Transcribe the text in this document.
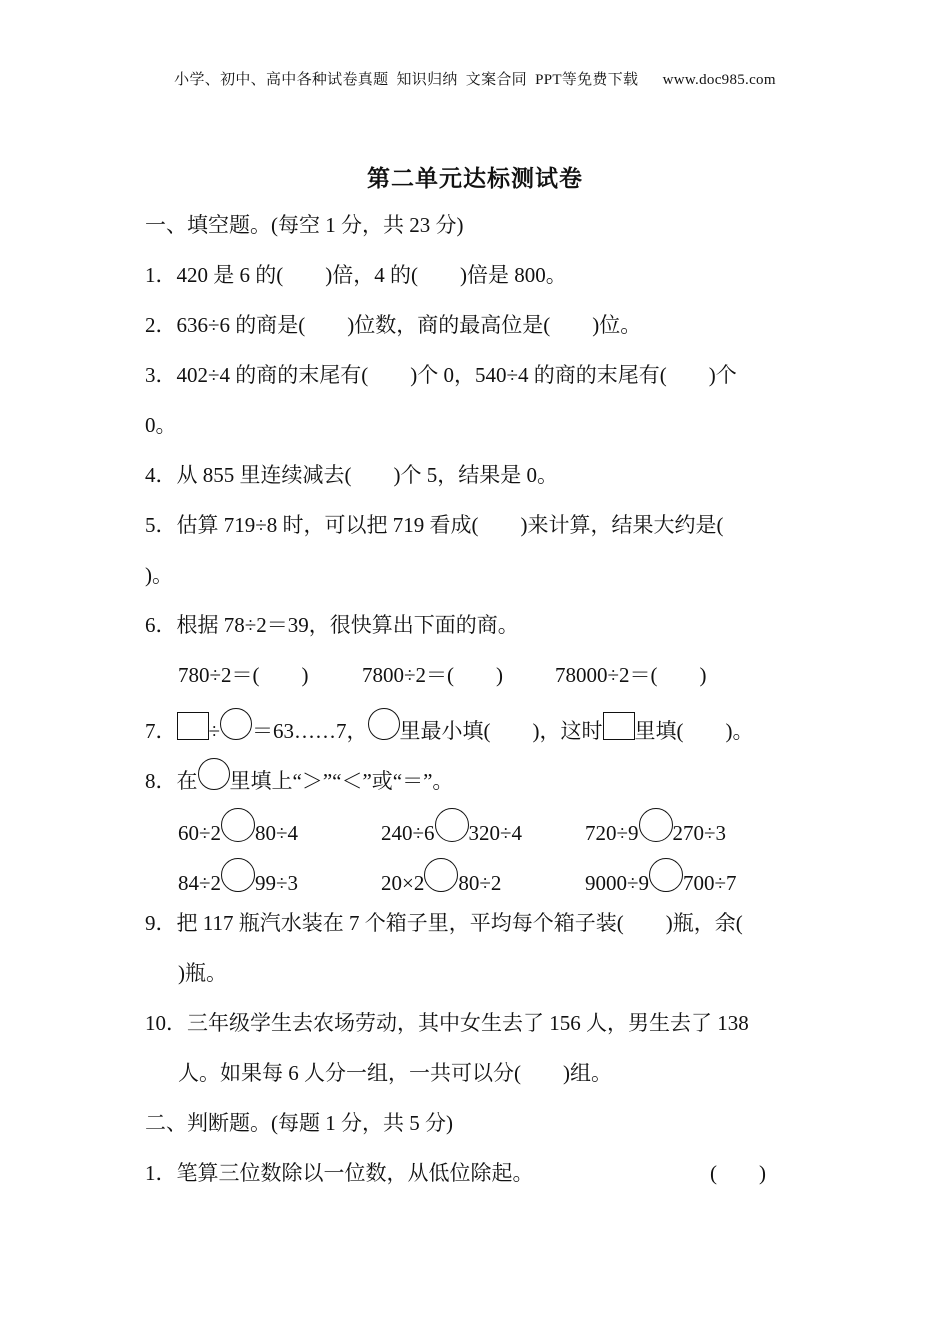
小学、初中、高中各种试卷真题  知识归纳  文案合同  PPT等免费下载      www.doc985.com
第二单元达标测试卷
一、填空题。(每空 1 分，共 23 分)
1．420 是 6 的(        )倍，4 的(        )倍是 800。
2．636÷6 的商是(        )位数，商的最高位是(        )位。
3．402÷4 的商的末尾有(        )个 0，540÷4 的商的末尾有(        )个
0。
4．从 855 里连续减去(        )个 5，结果是 0。
5．估算 719÷8 时，可以把 719 看成(        )来计算，结果大约是(
)。
6．根据 78÷2＝39，很快算出下面的商。
780÷2＝(        )	7800÷2＝(        ) 78000÷2＝(        )
7． ÷ ＝63……7， 里最小填(        )，这时 里填(        )。
8．在 里填上“＞”“＜”或“＝”。
60÷2 80÷4	240÷6 320÷4	720÷9 270÷3
84÷2 99÷3	20×2 80÷2	9000÷9 700÷7
9．把 117 瓶汽水装在 7 个箱子里，平均每个箱子装(        )瓶，余(
)瓶。
10．三年级学生去农场劳动，其中女生去了 156 人，男生去了 138
人。如果每 6 人分一组，一共可以分(        )组。
二、判断题。(每题 1 分，共 5 分)
1．笔算三位数除以一位数，从低位除起。	(        )
